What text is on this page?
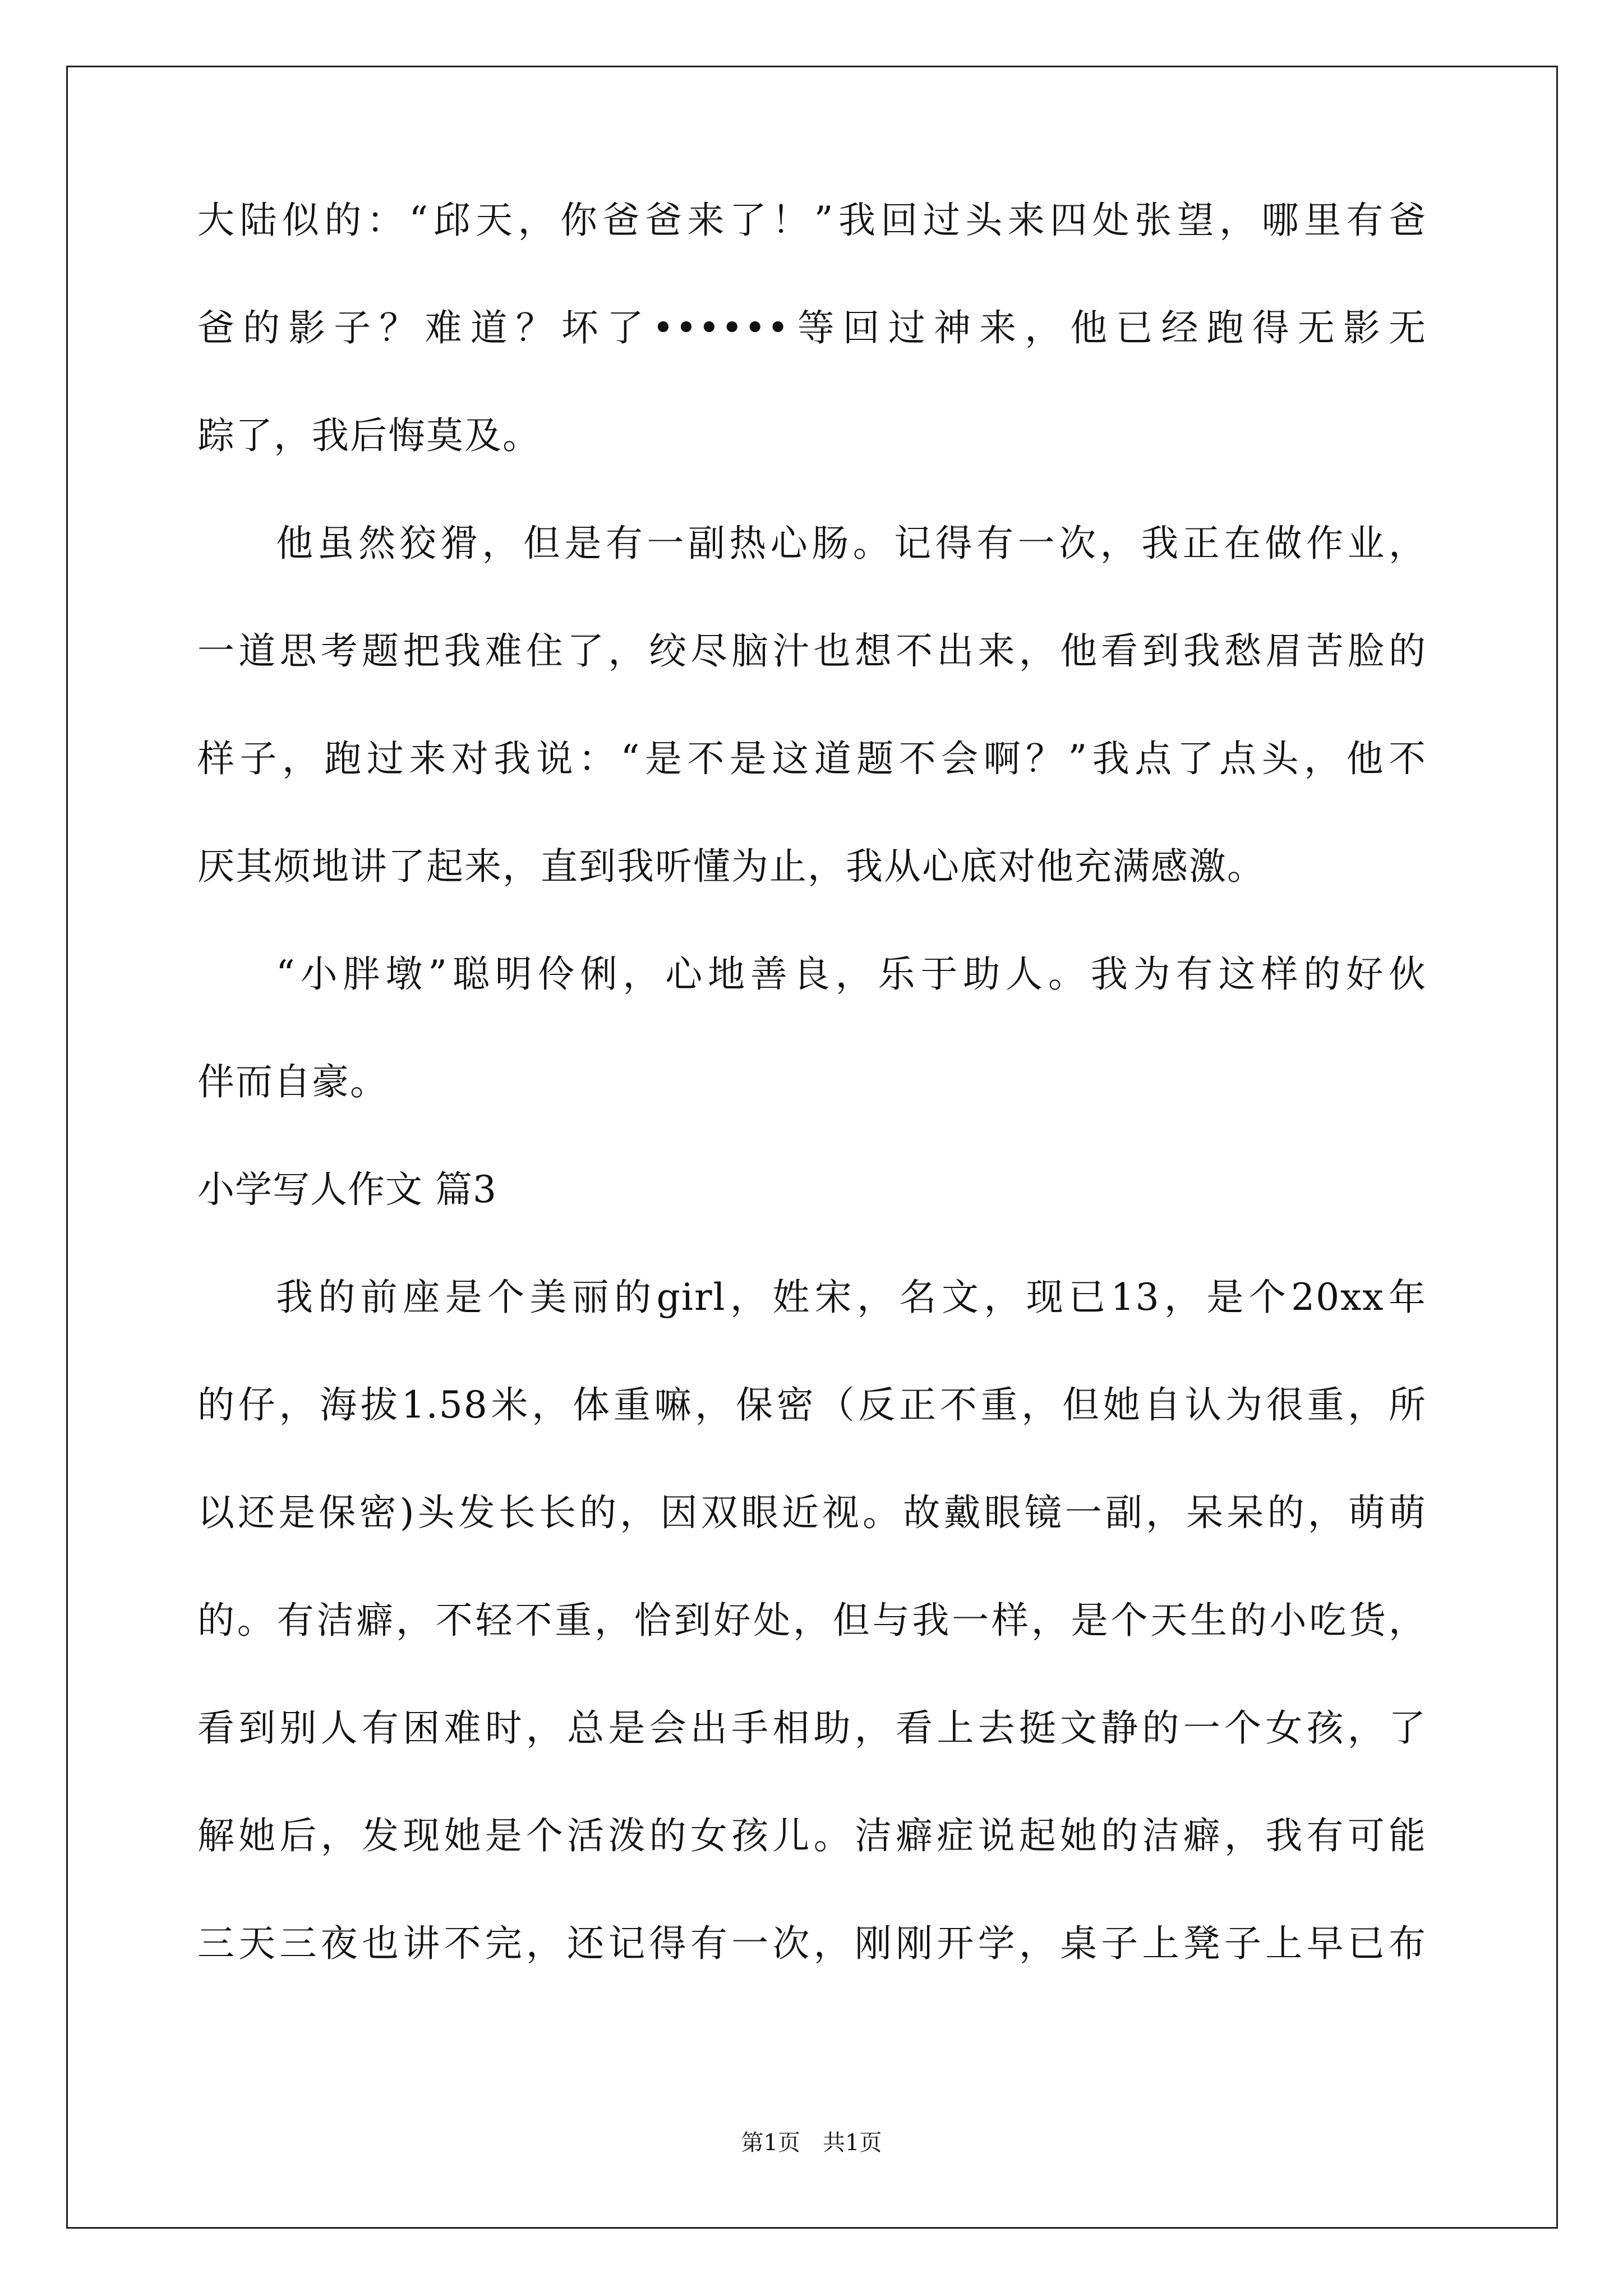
大陆似的：“邱天，你爸爸来了！”我回过头来四处张望，哪里有爸
爸的影子？难道？坏了••••••等回过神来，他已经跑得无影无
踪了，我后悔莫及。
他虽然狡猾，但是有一副热心肠。记得有一次，我正在做作业，
一道思考题把我难住了，绞尽脑汁也想不出来，他看到我愁眉苦脸的
样子，跑过来对我说：“是不是这道题不会啊？”我点了点头，他不
厌其烦地讲了起来，直到我听懂为止，我从心底对他充满感激。
“小胖墩”聪明伶俐，心地善良，乐于助人。我为有这样的好伙
伴而自豪。
小学写人作文 篇3
我的前座是个美丽的girl，姓宋，名文，现已13，是个20xx年
的仔，海拔1.58米，体重嘛，保密（反正不重，但她自认为很重，所
以还是保密)头发长长的，因双眼近视。故戴眼镜一副，呆呆的，萌萌
的。有洁癖，不轻不重，恰到好处，但与我一样，是个天生的小吃货，
看到别人有困难时，总是会出手相助，看上去挺文静的一个女孩，了
解她后，发现她是个活泼的女孩儿。洁癖症说起她的洁癖，我有可能
三天三夜也讲不完，还记得有一次，刚刚开学，桌子上凳子上早已布
第1页 共1页
